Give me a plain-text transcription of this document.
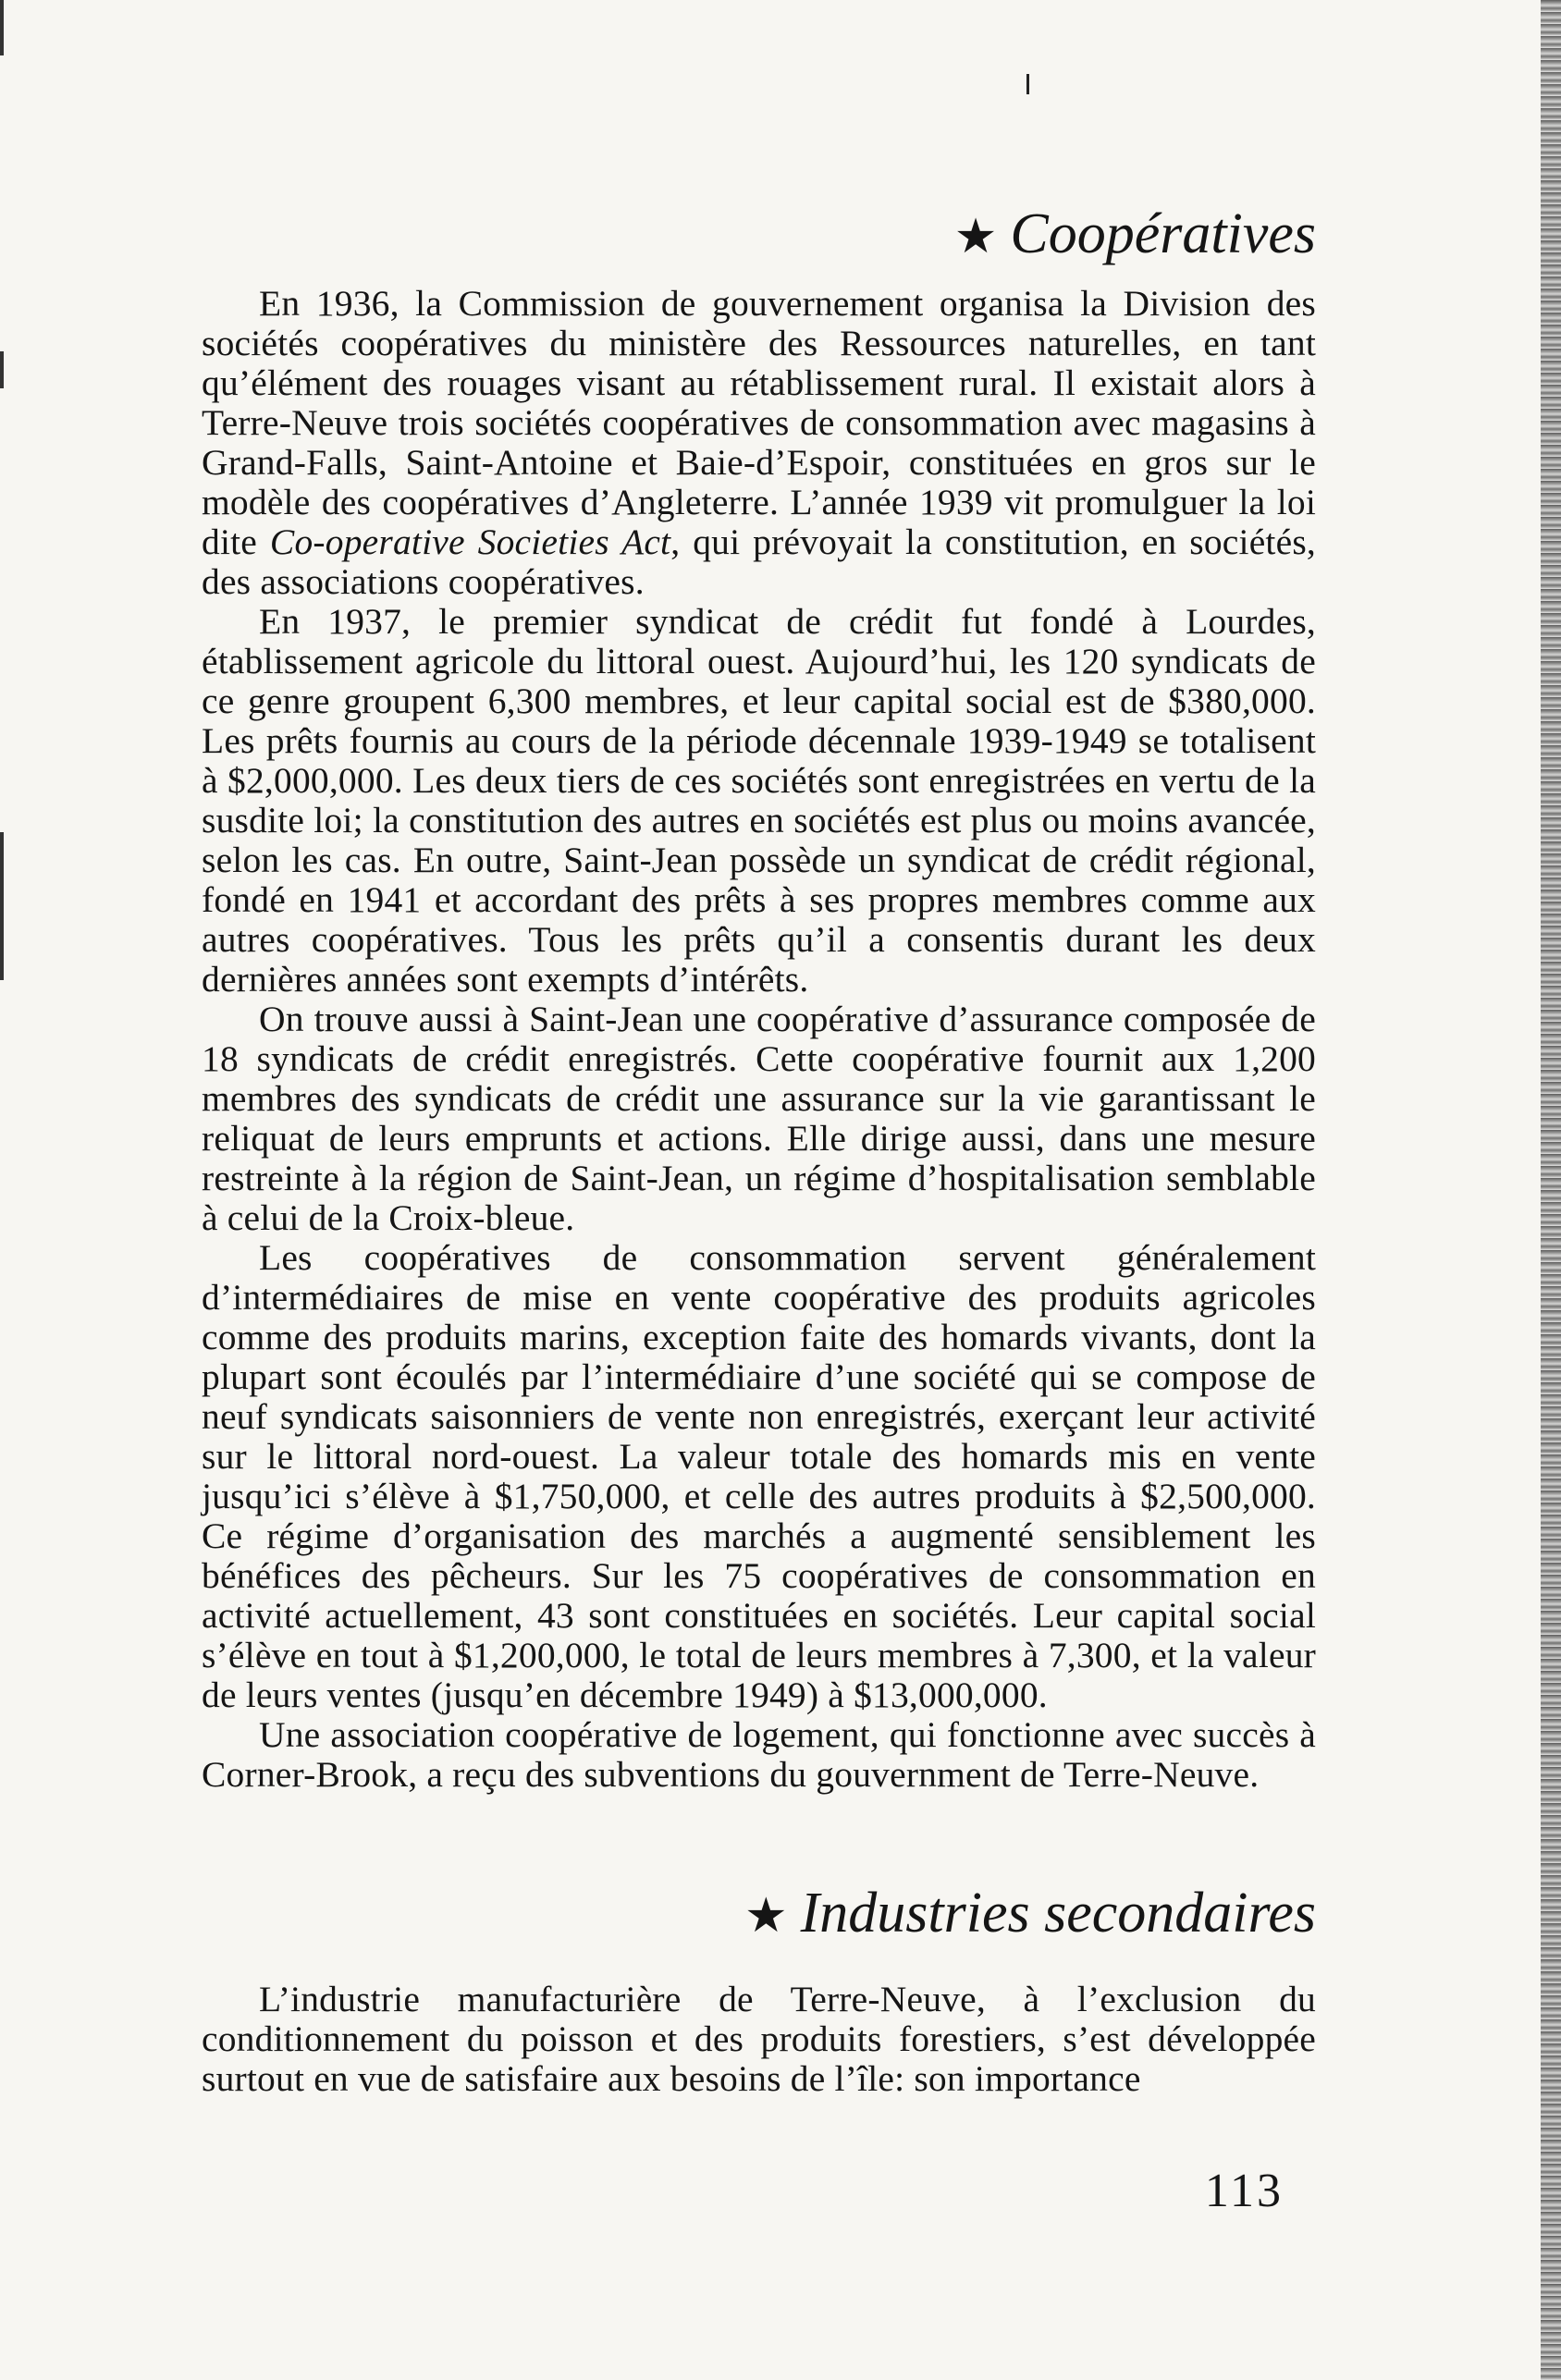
★ Coopératives

En 1936, la Commission de gouvernement organisa la Division des sociétés coopératives du ministère des Ressources naturelles, en tant qu’élément des rouages visant au rétablissement rural. Il existait alors à Terre-Neuve trois sociétés coopératives de consommation avec magasins à Grand-Falls, Saint-Antoine et Baie-d’Espoir, constituées en gros sur le modèle des coopératives d’Angleterre. L’année 1939 vit promulguer la loi dite Co-operative Societies Act, qui prévoyait la constitution, en sociétés, des associations coopératives.

En 1937, le premier syndicat de crédit fut fondé à Lourdes, établissement agricole du littoral ouest. Aujourd’hui, les 120 syndicats de ce genre groupent 6,300 membres, et leur capital social est de $380,000. Les prêts fournis au cours de la période décennale 1939-1949 se totalisent à $2,000,000. Les deux tiers de ces sociétés sont enregistrées en vertu de la susdite loi; la constitution des autres en sociétés est plus ou moins avancée, selon les cas. En outre, Saint-Jean possède un syndicat de crédit régional, fondé en 1941 et accordant des prêts à ses propres membres comme aux autres coopératives. Tous les prêts qu’il a consentis durant les deux dernières années sont exempts d’intérêts.

On trouve aussi à Saint-Jean une coopérative d’assurance composée de 18 syndicats de crédit enregistrés. Cette coopérative fournit aux 1,200 membres des syndicats de crédit une assurance sur la vie garantissant le reliquat de leurs emprunts et actions. Elle dirige aussi, dans une mesure restreinte à la région de Saint-Jean, un régime d’hospitalisation semblable à celui de la Croix-bleue.

Les coopératives de consommation servent généralement d’intermédiaires de mise en vente coopérative des produits agricoles comme des produits marins, exception faite des homards vivants, dont la plupart sont écoulés par l’intermédiaire d’une société qui se compose de neuf syndicats saisonniers de vente non enregistrés, exerçant leur activité sur le littoral nord-ouest. La valeur totale des homards mis en vente jusqu’ici s’élève à $1,750,000, et celle des autres produits à $2,500,000. Ce régime d’organisation des marchés a augmenté sensiblement les bénéfices des pêcheurs. Sur les 75 coopératives de consommation en activité actuellement, 43 sont constituées en sociétés. Leur capital social s’élève en tout à $1,200,000, le total de leurs membres à 7,300, et la valeur de leurs ventes (jusqu’en décembre 1949) à $13,000,000.

Une association coopérative de logement, qui fonctionne avec succès à Corner-Brook, a reçu des subventions du gouvernment de Terre-Neuve.

★ Industries secondaires

L’industrie manufacturière de Terre-Neuve, à l’exclusion du conditionnement du poisson et des produits forestiers, s’est développée surtout en vue de satisfaire aux besoins de l’île: son importance

113
